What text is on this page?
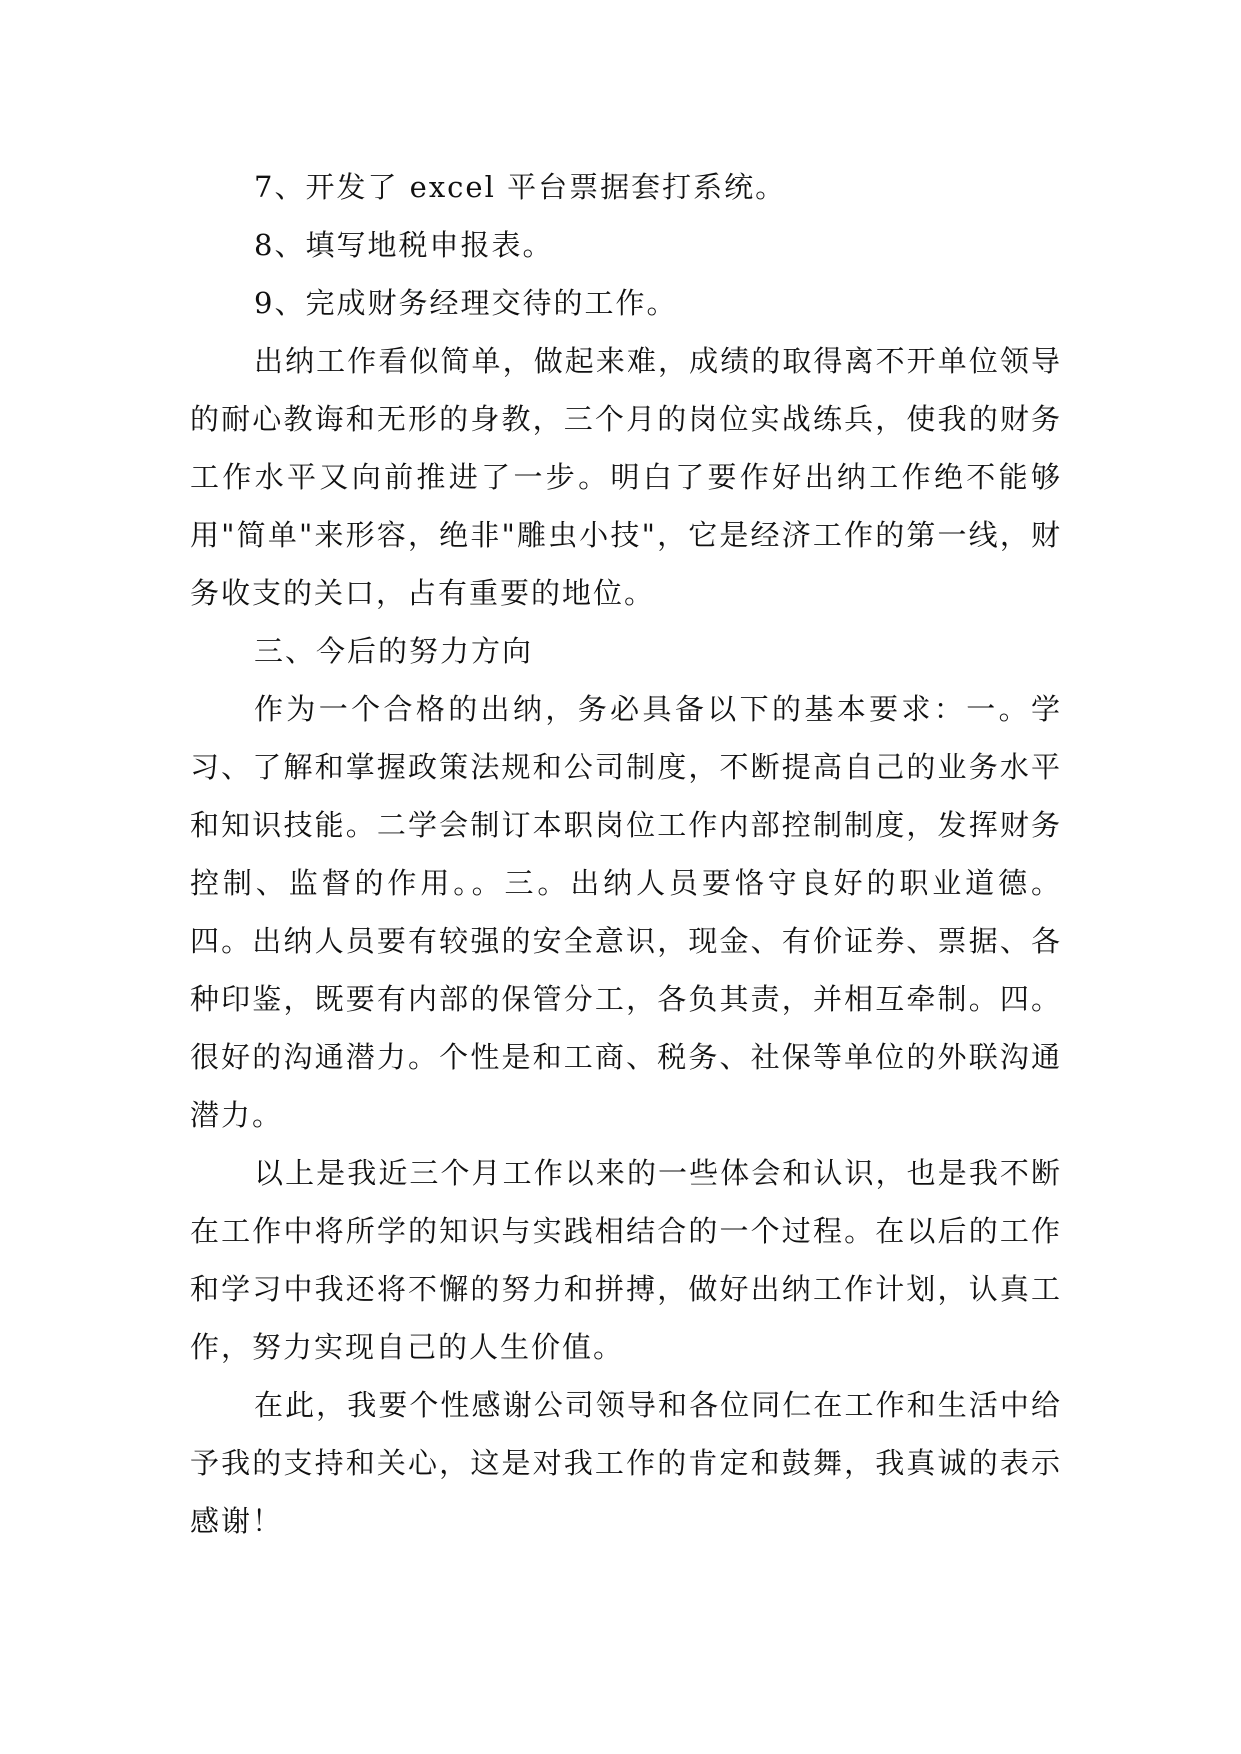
7、开发了 excel 平台票据套打系统。

8、填写地税申报表。

9、完成财务经理交待的工作。

出纳工作看似简单，做起来难，成绩的取得离不开单位领导的耐心教诲和无形的身教，三个月的岗位实战练兵，使我的财务工作水平又向前推进了一步。明白了要作好出纳工作绝不能够用"简单"来形容，绝非"雕虫小技"，它是经济工作的第一线，财务收支的关口，占有重要的地位。

三、今后的努力方向

作为一个合格的出纳，务必具备以下的基本要求：一。学习、了解和掌握政策法规和公司制度，不断提高自己的业务水平和知识技能。二学会制订本职岗位工作内部控制制度，发挥财务控制、监督的作用。。三。出纳人员要恪守良好的职业道德。四。出纳人员要有较强的安全意识，现金、有价证券、票据、各种印鉴，既要有内部的保管分工，各负其责，并相互牵制。四。很好的沟通潜力。个性是和工商、税务、社保等单位的外联沟通潜力。

以上是我近三个月工作以来的一些体会和认识，也是我不断在工作中将所学的知识与实践相结合的一个过程。在以后的工作和学习中我还将不懈的努力和拼搏，做好出纳工作计划，认真工作，努力实现自己的人生价值。

在此，我要个性感谢公司领导和各位同仁在工作和生活中给予我的支持和关心，这是对我工作的肯定和鼓舞，我真诚的表示感谢！
